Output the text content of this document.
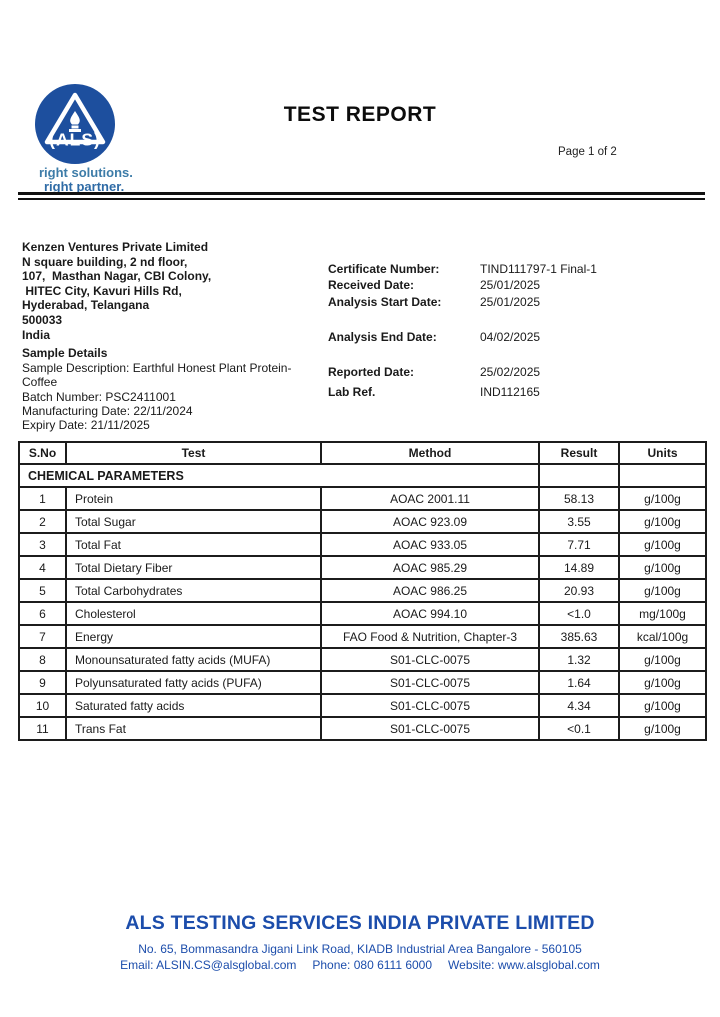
(ALS)
right solutions.
right partner.
TEST REPORT
Page 1 of 2
Kenzen Ventures Private Limited
N square building, 2 nd floor,
107,  Masthan Nagar, CBI Colony,
HITEC City, Kavuri Hills Rd,
Hyderabad, Telangana
500033
India
Sample Details
Sample Description: Earthful Honest Plant Protein-Coffee
Batch Number: PSC2411001
Manufacturing Date: 22/11/2024
Expiry Date: 21/11/2025
Certificate Number:	TIND111797-1 Final-1
Received Date:	25/01/2025
Analysis Start Date:	25/01/2025
Analysis End Date:	04/02/2025
Reported Date:	25/02/2025
Lab Ref.	IND112165
S.No	Test	Method	Result	Units
CHEMICAL PARAMETERS				
1	Protein	AOAC 2001.11	58.13	g/100g
2	Total Sugar	AOAC 923.09	3.55	g/100g
3	Total Fat	AOAC 933.05	7.71	g/100g
4	Total Dietary Fiber	AOAC 985.29	14.89	g/100g
5	Total Carbohydrates	AOAC 986.25	20.93	g/100g
6	Cholesterol	AOAC 994.10	<1.0	mg/100g
7	Energy	FAO Food & Nutrition, Chapter-3	385.63	kcal/100g
8	Monounsaturated fatty acids (MUFA)	S01-CLC-0075	1.32	g/100g
9	Polyunsaturated fatty acids (PUFA)	S01-CLC-0075	1.64	g/100g
10	Saturated fatty acids	S01-CLC-0075	4.34	g/100g
11	Trans Fat	S01-CLC-0075	<0.1	g/100g
ALS TESTING SERVICES INDIA PRIVATE LIMITED
No. 65, Bommasandra Jigani Link Road, KIADB Industrial Area Bangalore - 560105
Email: ALSIN.CS@alsglobal.com Phone: 080 6111 6000 Website: www.alsglobal.com
